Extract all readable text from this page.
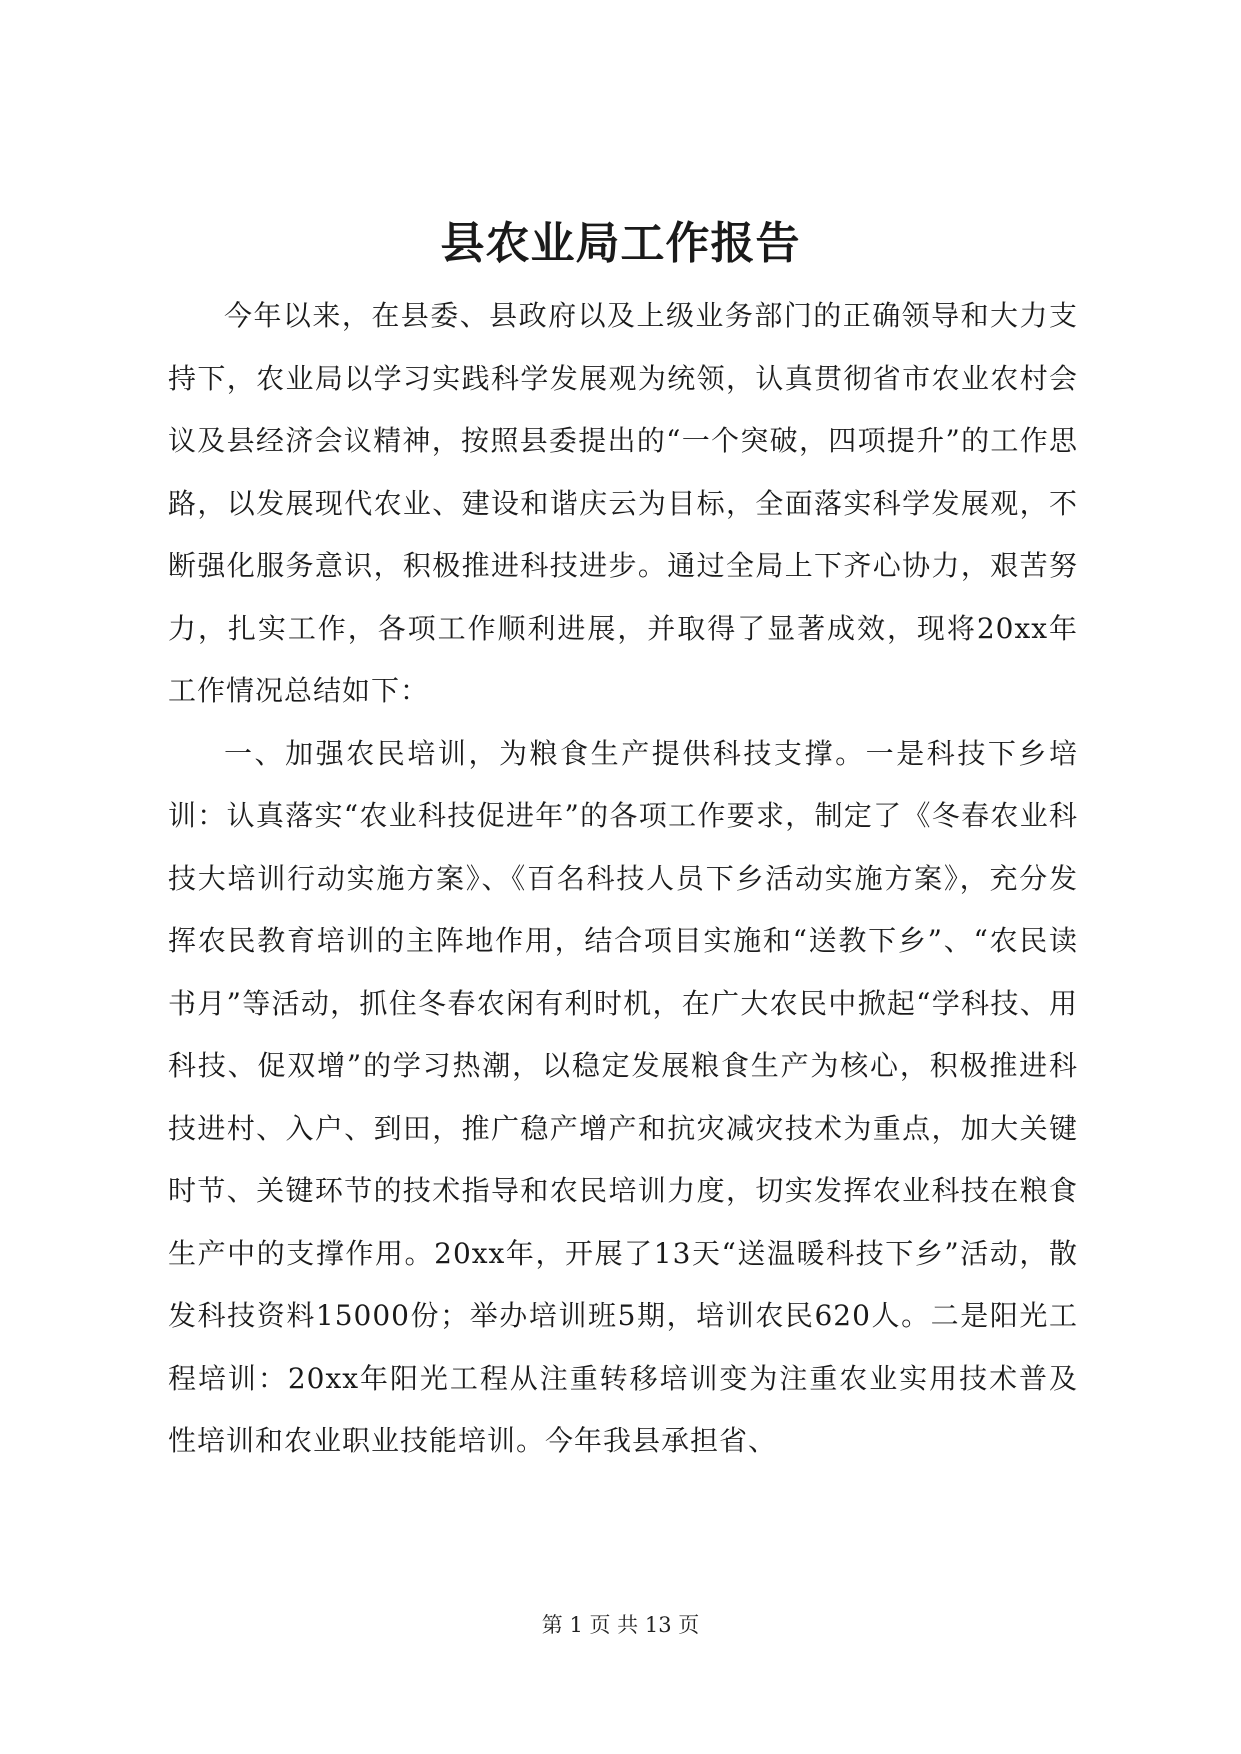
县农业局工作报告

今年以来，在县委、县政府以及上级业务部门的正确领导和大力支持下，农业局以学习实践科学发展观为统领，认真贯彻省市农业农村会议及县经济会议精神，按照县委提出的“一个突破，四项提升”的工作思路，以发展现代农业、建设和谐庆云为目标，全面落实科学发展观，不断强化服务意识，积极推进科技进步。通过全局上下齐心协力，艰苦努力，扎实工作，各项工作顺利进展，并取得了显著成效，现将20xx年工作情况总结如下：

一、加强农民培训，为粮食生产提供科技支撑。一是科技下乡培训：认真落实“农业科技促进年”的各项工作要求，制定了《冬春农业科技大培训行动实施方案》、《百名科技人员下乡活动实施方案》，充分发挥农民教育培训的主阵地作用，结合项目实施和“送教下乡”、“农民读书月”等活动，抓住冬春农闲有利时机，在广大农民中掀起“学科技、用科技、促双增”的学习热潮，以稳定发展粮食生产为核心，积极推进科技进村、入户、到田，推广稳产增产和抗灾减灾技术为重点，加大关键时节、关键环节的技术指导和农民培训力度，切实发挥农业科技在粮食生产中的支撑作用。20xx年，开展了13天“送温暖科技下乡”活动，散发科技资料15000份；举办培训班5期，培训农民620人。二是阳光工程培训：20xx年阳光工程从注重转移培训变为注重农业实用技术普及性培训和农业职业技能培训。今年我县承担省、

第 1 页 共 13 页
